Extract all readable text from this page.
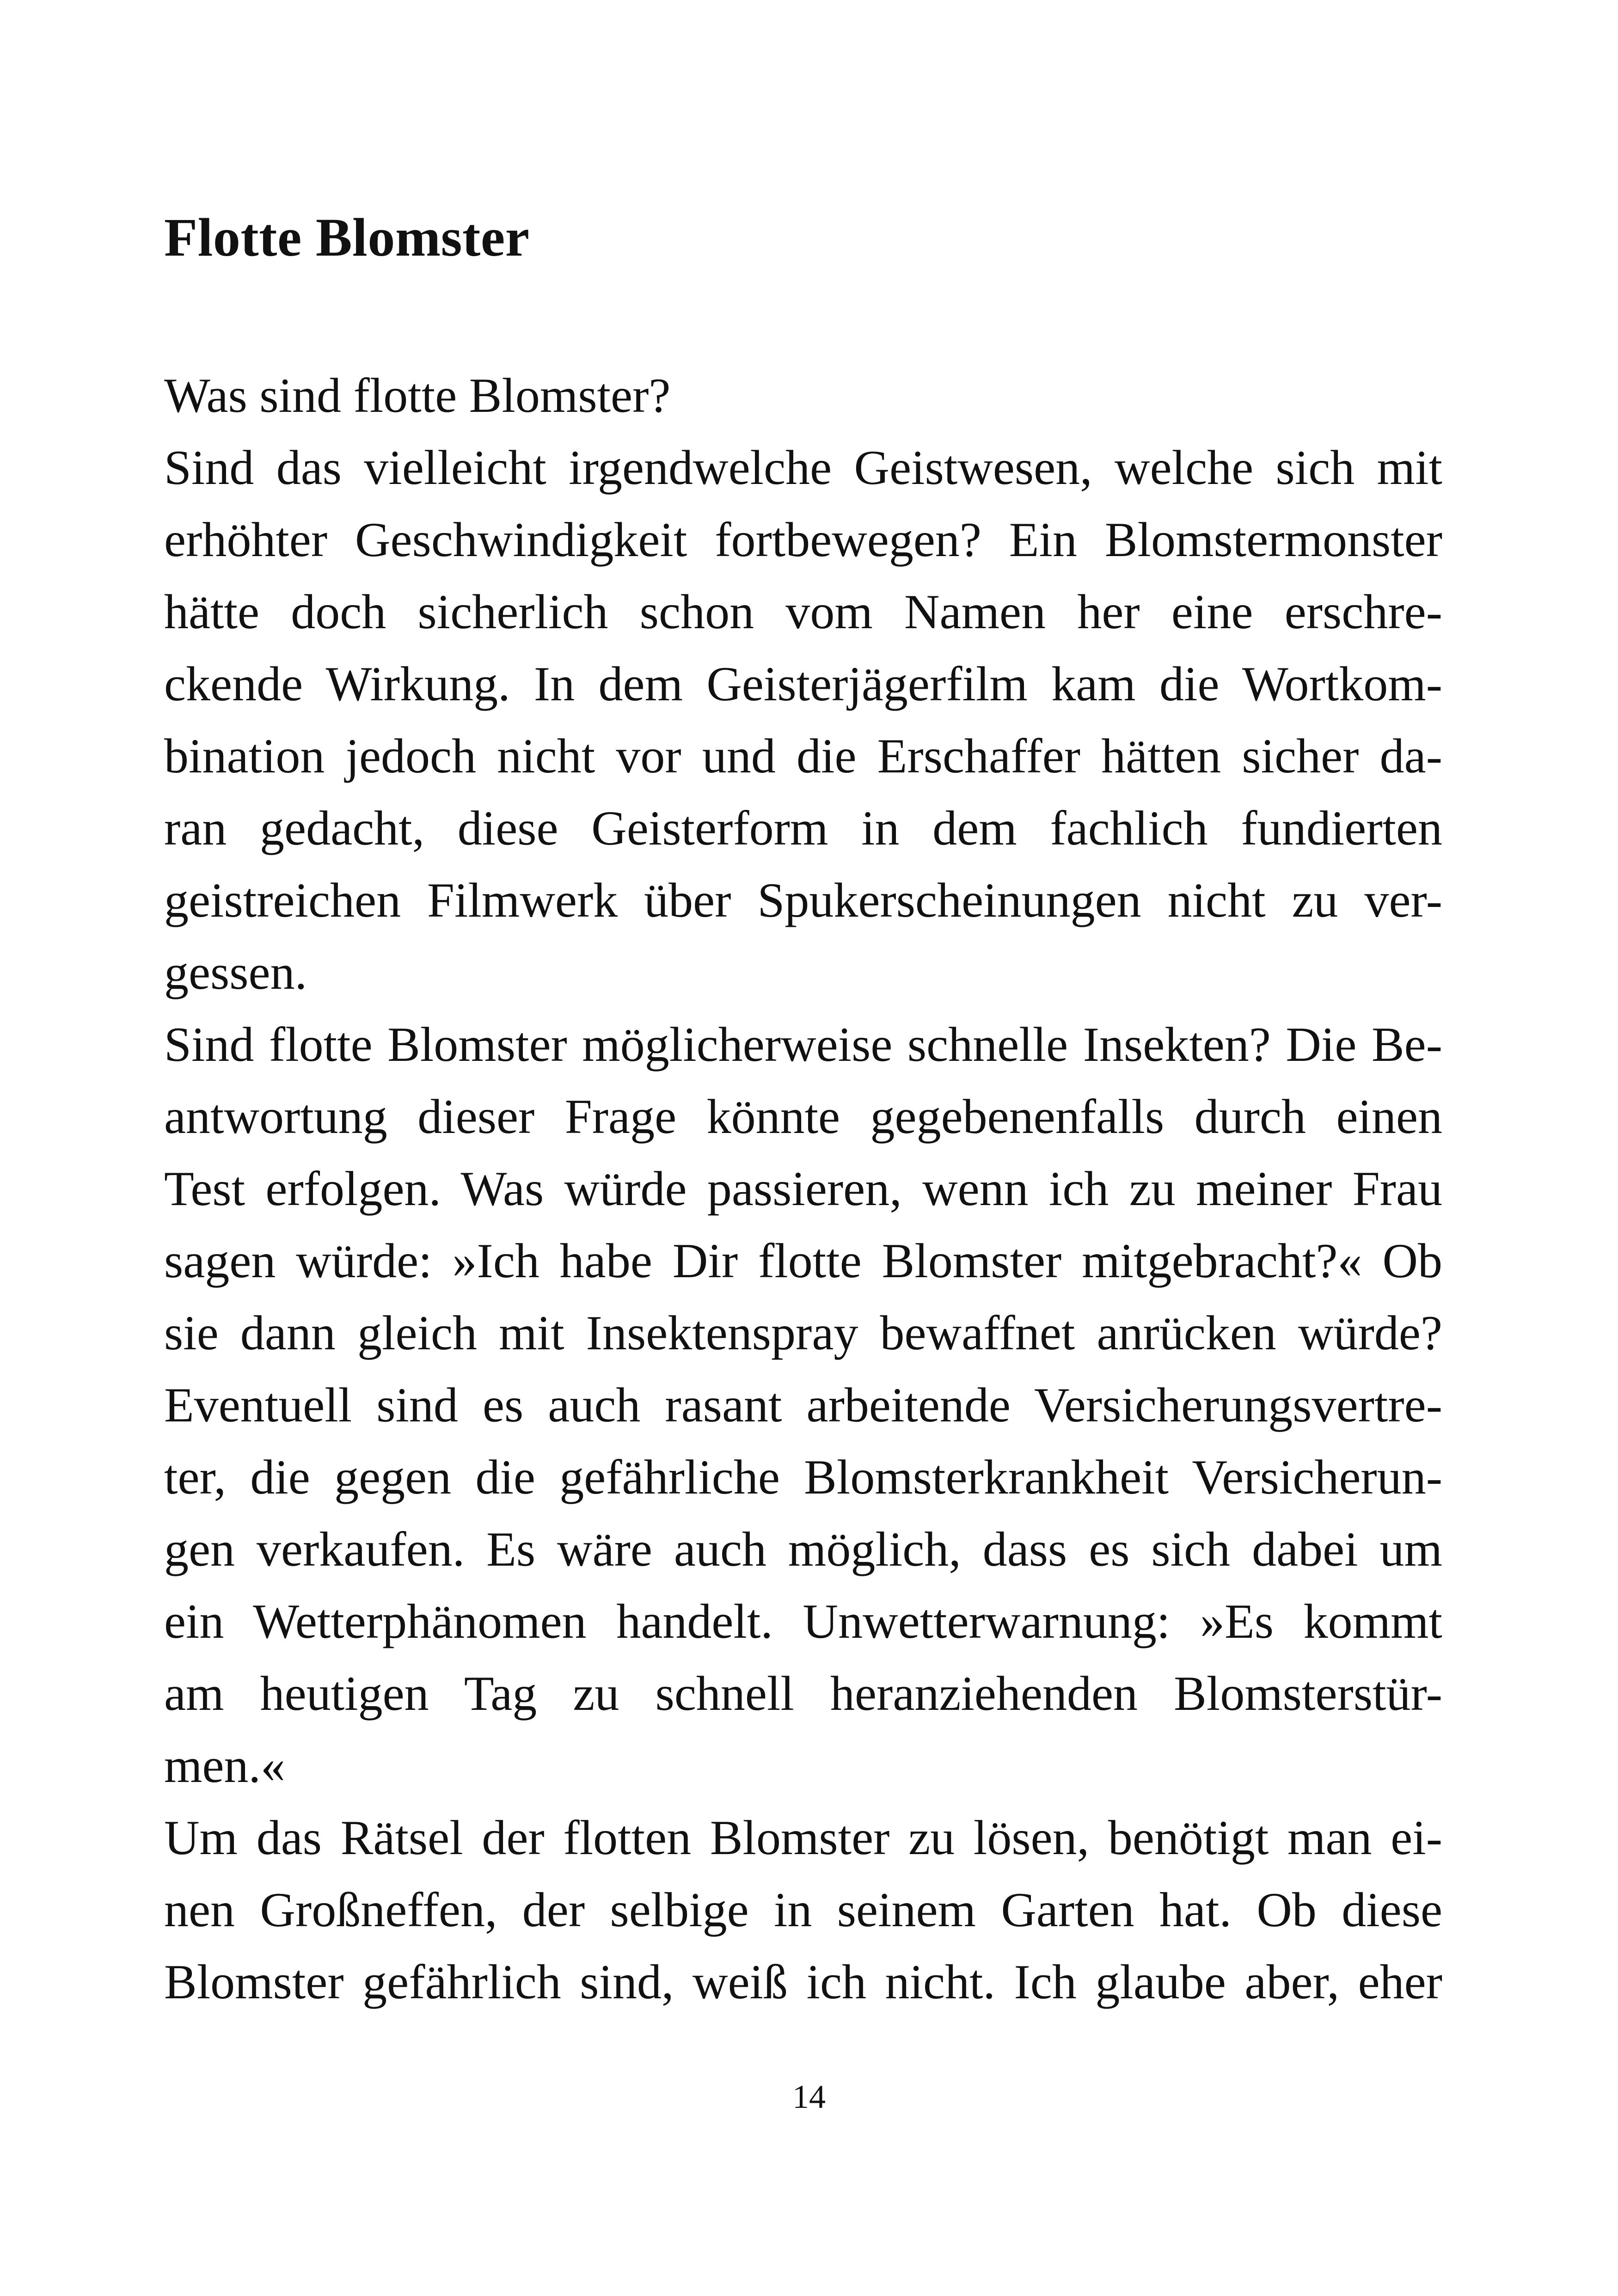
Flotte Blomster
Was sind flotte Blomster?
Sind das vielleicht irgendwelche Geistwesen, welche sich mit
erhöhter Geschwindigkeit fortbewegen? Ein Blomstermonster
hätte doch sicherlich schon vom Namen her eine erschre-
ckende Wirkung. In dem Geisterjägerfilm kam die Wortkom-
bination jedoch nicht vor und die Erschaffer hätten sicher da-
ran gedacht, diese Geisterform in dem fachlich fundierten
geistreichen Filmwerk über Spukerscheinungen nicht zu ver-
gessen.
Sind flotte Blomster möglicherweise schnelle Insekten? Die Be-
antwortung dieser Frage könnte gegebenenfalls durch einen
Test erfolgen. Was würde passieren, wenn ich zu meiner Frau
sagen würde: »Ich habe Dir flotte Blomster mitgebracht?« Ob
sie dann gleich mit Insektenspray bewaffnet anrücken würde?
Eventuell sind es auch rasant arbeitende Versicherungsvertre-
ter, die gegen die gefährliche Blomsterkrankheit Versicherun-
gen verkaufen. Es wäre auch möglich, dass es sich dabei um
ein Wetterphänomen handelt. Unwetterwarnung: »Es kommt
am heutigen Tag zu schnell heranziehenden Blomsterstür-
men.«
Um das Rätsel der flotten Blomster zu lösen, benötigt man ei-
nen Großneffen, der selbige in seinem Garten hat. Ob diese
Blomster gefährlich sind, weiß ich nicht. Ich glaube aber, eher
14
